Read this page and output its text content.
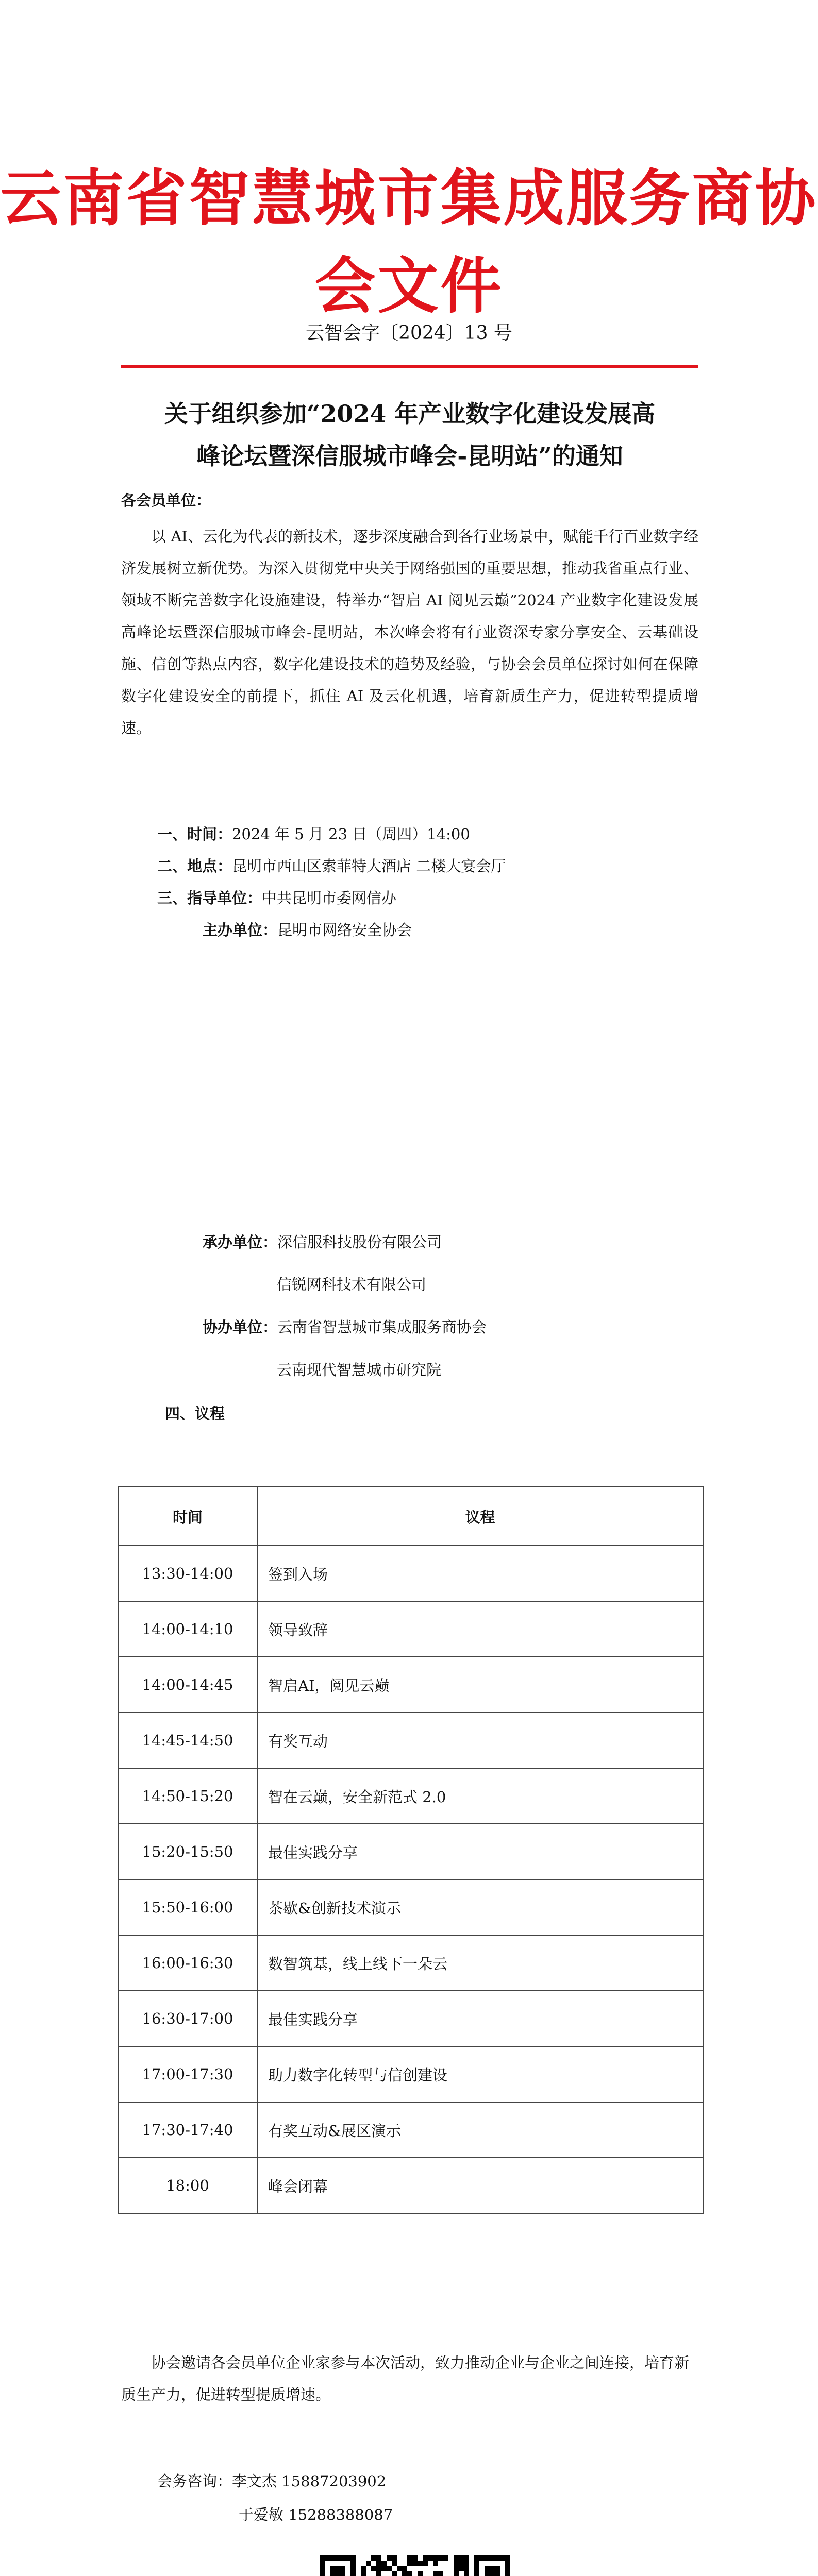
云南省智慧城市集成服务商协会文件
云智会字〔2024〕13 号
关于组织参加“2024 年产业数字化建设发展高
峰论坛暨深信服城市峰会-昆明站”的通知
各会员单位：
以 AI、云化为代表的新技术，逐步深度融合到各行业场景中，赋能千行百业数字经济发展树立新优势。为深入贯彻党中央关于网络强国的重要思想，推动我省重点行业、领域不断完善数字化设施建设，特举办“智启 AI 阅见云巅”2024 产业数字化建设发展高峰论坛暨深信服城市峰会-昆明站，本次峰会将有行业资深专家分享安全、云基础设施、信创等热点内容，数字化建设技术的趋势及经验，与协会会员单位探讨如何在保障数字化建设安全的前提下，抓住 AI 及云化机遇，培育新质生产力，促进转型提质增速。
一、时间：2024 年 5 月 23 日（周四）14:00
二、地点：昆明市西山区索菲特大酒店 二楼大宴会厅
三、指导单位：中共昆明市委网信办
主办单位：昆明市网络安全协会
承办单位：深信服科技股份有限公司
信锐网科技术有限公司
协办单位：云南省智慧城市集成服务商协会
云南现代智慧城市研究院
四、议程
时间	议程
13:30-14:00	签到入场
14:00-14:10	领导致辞
14:00-14:45	智启AI，阅见云巅
14:45-14:50	有奖互动
14:50-15:20	智在云巅，安全新范式 2.0
15:20-15:50	最佳实践分享
15:50-16:00	茶歇&创新技术演示
16:00-16:30	数智筑基，线上线下一朵云
16:30-17:00	最佳实践分享
17:00-17:30	助力数字化转型与信创建设
17:30-17:40	有奖互动&展区演示
18:00	峰会闭幕
协会邀请各会员单位企业家参与本次活动，致力推动企业与企业之间连接，培育新质生产力，促进转型提质增速。
会务咨询：李文杰 15887203902
于爱敏 15288388087
